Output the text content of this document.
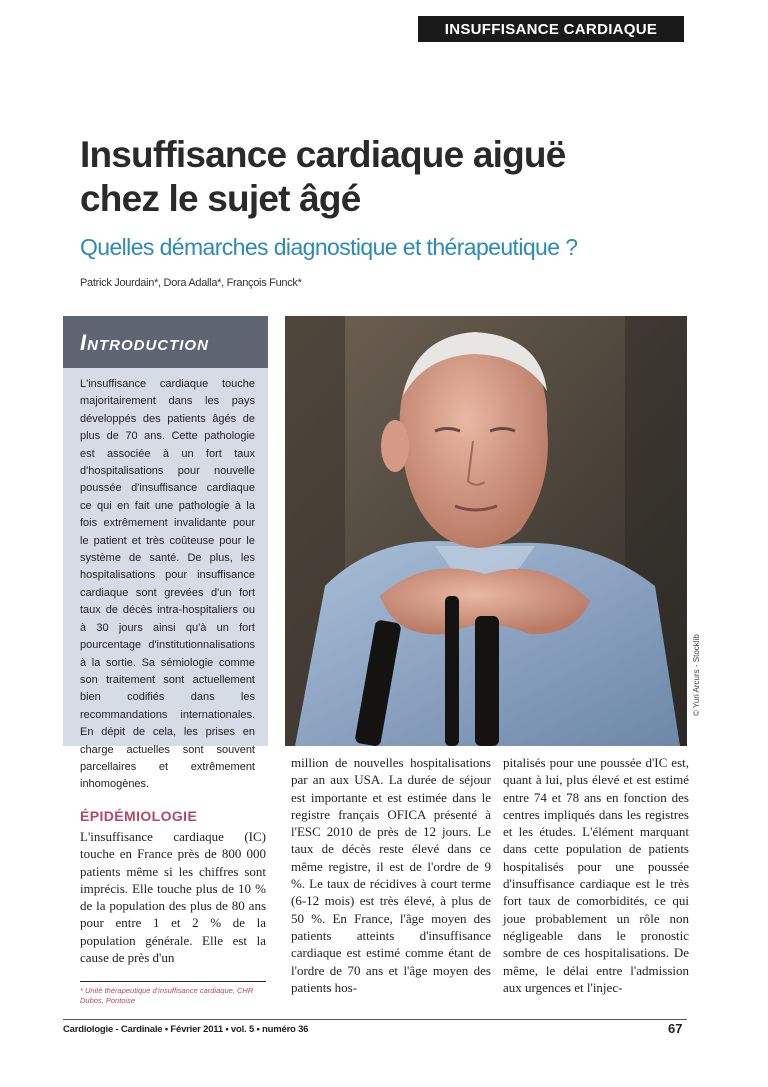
INSUFFISANCE CARDIAQUE
Insuffisance cardiaque aiguë
chez le sujet âgé
Quelles démarches diagnostique et thérapeutique ?
Patrick Jourdain*, Dora Adalla*, François Funck*
Introduction
L'insuffisance cardiaque touche majoritairement dans les pays développés des patients âgés de plus de 70 ans. Cette pathologie est associée à un fort taux d'hospitalisations pour nouvelle poussée d'insuffisance cardiaque ce qui en fait une pathologie à la fois extrêmement invalidante pour le patient et très coûteuse pour le système de santé. De plus, les hospitalisations pour insuffisance cardiaque sont grevées d'un fort taux de décès intra-hospitaliers ou à 30 jours ainsi qu'à un fort pourcentage d'institutionnalisations à la sortie. Sa sémiologie comme son traitement sont actuellement bien codifiés dans les recommandations internationales. En dépit de cela, les prises en charge actuelles sont souvent parcellaires et extrêmement inhomogènes.
© Yuri Arcurs - Stocklib
ÉPIDÉMIOLOGIE
L'insuffisance cardiaque (IC) touche en France près de 800 000 patients même si les chiffres sont imprécis. Elle touche plus de 10 % de la population des plus de 80 ans pour entre 1 et 2 % de la population générale. Elle est la cause de près d'un
million de nouvelles hospitalisations par an aux USA. La durée de séjour est importante et est estimée dans le registre français OFICA présenté à l'ESC 2010 de près de 12 jours. Le taux de décès reste élevé dans ce même registre, il est de l'ordre de 9 %. Le taux de récidives à court terme (6-12 mois) est très élevé, à plus de 50 %. En France, l'âge moyen des patients atteints d'insuffisance cardiaque est estimé comme étant de l'ordre de 70 ans et l'âge moyen des patients hos-
pitalisés pour une poussée d'IC est, quant à lui, plus élevé et est estimé entre 74 et 78 ans en fonction des centres impliqués dans les registres et les études. L'élément marquant dans cette population de patients hospitalisés pour une poussée d'insuffisance cardiaque est le très fort taux de comorbidités, ce qui joue probablement un rôle non négligeable dans le pronostic sombre de ces hospitalisations. De même, le délai entre l'admission aux urgences et l'injec-
* Unité thérapeutique d'insuffisance cardiaque, CHR Dubos, Pontoise
Cardiologie - Cardinale • Février 2011 • vol. 5 • numéro 36	67
